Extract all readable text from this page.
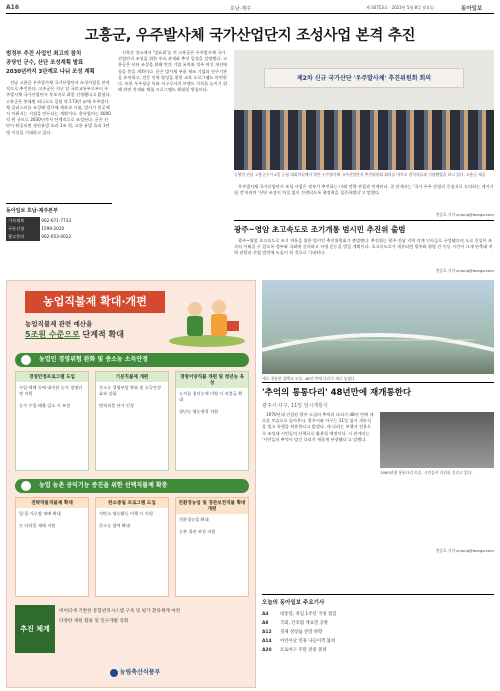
A16	호남·제주	제 30753호 · 2023년 5월 8일 월요일	동아일보
고흥군, 우주발사체 국가산업단지 조성사업 본격 추진
범정부 추진 사업인 최고의 참치
공당인 군수, 산단 조성계획 발표
2030년까지 3단계로 나눠 조성 계획

전남 고흥군 우주발사체 국가산업단지 조성사업을 본격적으로 추진한다. 고흥군은 지난 달 국토교통부로부터 우주발사체 국가산업단지 후보지로 최종 선정됐다고 밝혔다. 고흥군은 봉래면 외나로도 일원 약 173만 ㎡에 우주발사체 클러스터를 조성해 발사체 제작과 시험, 발사가 한곳에서 이뤄지는 거점을 만든다는 계획이다. 총사업비는 4000억 원 규모로 2030년까지 단계적으로 조성된다. 군은 산단이 완공되면 생산유발 효과 1조 원, 고용 유발 효과 1만 명 이상을 기대하고 있다.

동아일보 호남·제주본부
기사제보	062-671-7733
구독신청	1599-2020
광고문의	062-653-0022

선착순 장소에서 '발표회'를 연 고흥군은 우주발사체 국가산업단지 조성을 위한 주요 과제와 추진 일정을 설명했다. 고흥군은 산단 조성을 위해 민간 기업 유치와 정주 여건 개선에 힘을 쏟을 계획이다. 군은 발사체 부품 제조 기업과 연구기관을 유치하고, 전문 인력 양성을 위한 교육 프로그램도 마련한다. 또한 우주항공 특화 지구로서의 브랜드 가치를 높이기 위해 관련 축제와 체험 프로그램도 확대할 방침이다.

제2차 신규 국가산단 '우주발사체' 추진위원회 회의
공영민 전남 고흥군수가 4일 군청 대회의실에서 열린 우주발사체 국가산업단지 추진위원회 회의를 마치고 참석자들과 기념촬영을 하고 있다. 고흥군 제공

우주발사체 국가산업단지 조성 사업은 정부가 추진하는 미래 전략 산업과 연계된다. 군 관계자는 '국가 우주 산업의 중심지로 도약하는 계기가 될 것'이라며 '산단 조성이 차질 없이 진행되도록 행정력을 집중하겠다'고 말했다.

정승호 기자 shjung@donga.com
광주~영암 초고속도로 조기개통 범시민 추진위 출범

광주~영암 초고속도로 조기 개통을 위한 범시민 추진위원회가 출범했다. 추진위는 광주·전남 지역 각계 인사들로 구성됐으며 도로 건설이 조속히 이뤄질 수 있도록 정부와 국회에 건의하고 서명 운동을 벌일 계획이다. 초고속도로가 개통되면 광주와 영암 간 이동 시간이 크게 단축돼 지역 관광과 산업 발전에 도움이 될 것으로 기대된다.

정승호 기자 shjung@donga.com
농업직불제 확대·개편
농업직불제 관련 예산을
5조원 수준으로 단계적 확대
농업인 경영위험 완화 및 중소농 소득안정
경영안정프로그램 도입
수입·재해 등에 대비한 농가 경영안정 지원
농가 수입·매출 감소 시 보전
기본직불제 개편
중소농 경영부담 완화 및 소득안정 효과 강화
면적직불 단가 인상
경영이양직불 개편 및 청년농 육성
농지를 청년농에 이양 시 직불금 확대
청년농 영농정착 지원
농업 농촌 공익기능 증진을 위한 선택직불제 확충
전략작물직불제 확대
밀·콩·가루쌀 재배 확대
논 타작물 재배 지원
탄소중립 프로그램 도입
저탄소 영농활동 이행 시 지원
중소농 참여 확대
친환경농업 및 경관보전직불 확대 개편
친환경농업 확대
농촌 경관 보전 지원
추진 체계
데이터에 기반한 통합관리시스템 구축 및 평가 환류체계 마련
다양한 재원 활용 및 연구개발 강화
농림축산식품부
새로 개통한 삼백교 모습. 48년 만에 다리가 새로 놓였다.
'추억의 통통다리' 48년만에 재개통한다
광주시·사구, 11일 임시개통식

1970년대 건설된 광주 도심의 추억의 다리가 48년 만에 새로운 모습으로 돌아온다. 광주시와 사구는 11일 임시 개통식을 열고 통행을 허용한다고 밝혔다. 새 다리는 보행자 전용으로 조성돼 시민들의 산책로로 활용될 예정이다. 시 관계자는 '시민들의 추억이 담긴 다리가 새롭게 단장됐다'고 말했다.

1980년대 통통다리 모습. 시민들이 다리를 건너고 있다.
정승호 기자 shjung@donga.com
오늘의 동아일보 주요기사
A4	대통령, 취임 1주년 국정 점검
A8	국회, 간호법 재표결 공방
A12 경제 성장률 전망 하향
A14 어린이날 연휴 나들이객 붐벼
A20 프로야구 주말 관중 몰려
